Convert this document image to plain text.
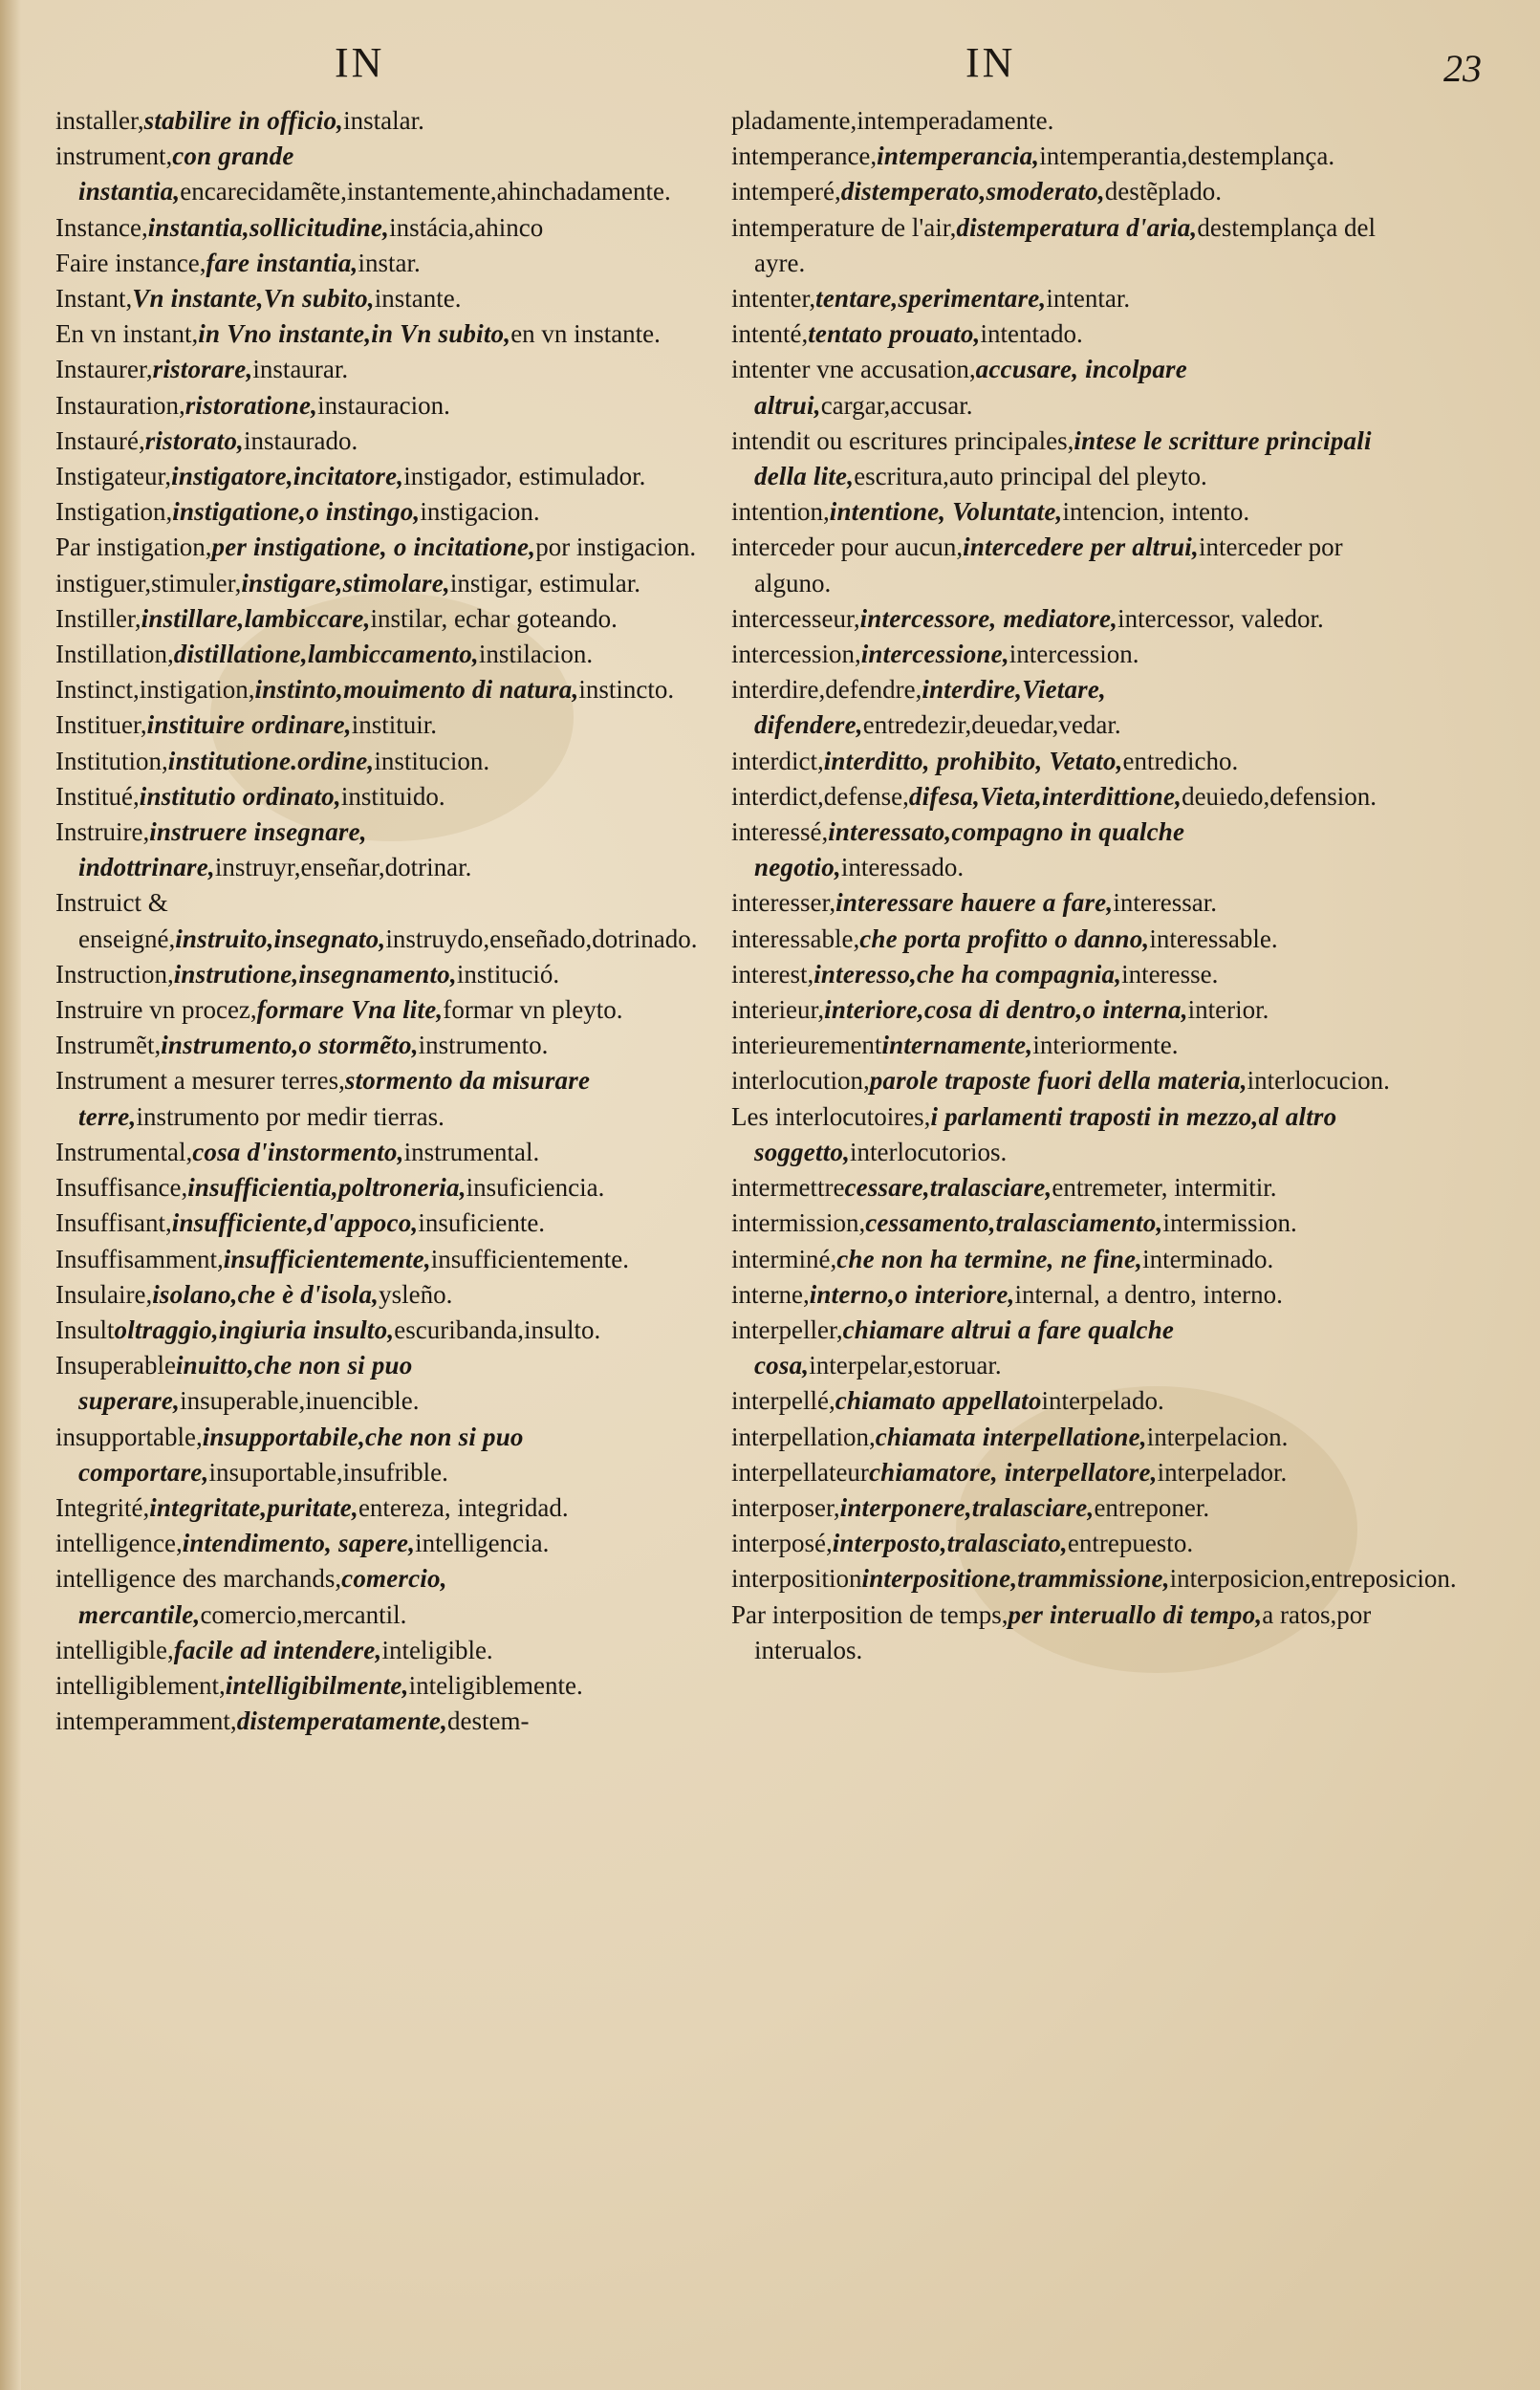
IN	IN	23
installer,stabilire in officio,instalar.
instrument,con grande instantia,encarecidamẽte,instantemente,ahinchadamente.
Instance,instantia,sollicitudine,instácia,ahinco
Faire instance,fare instantia,instar.
Instant,Vn instante,Vn subito,instante.
En vn instant,in Vno instante,in Vn subito,en vn instante.
Instaurer,ristorare,instaurar.
Instauration,ristoratione,instauracion.
Instauré,ristorato,instaurado.
Instigateur,instigatore,incitatore,instigador, estimulador.
Instigation,instigatione,o instingo,instigacion.
Par instigation,per instigatione, o incitatione,por instigacion.
instiguer,stimuler,instigare,stimolare,instigar, estimular.
Instiller,instillare,lambiccare,instilar, echar goteando.
Instillation,distillatione,lambiccamento,instilacion.
Instinct,instigation,instinto,mouimento di natura,instincto.
Instituer,instituire ordinare,instituir.
Institution,institutione.ordine,institucion.
Institué,institutio ordinato,instituido.
Instruire,instruere insegnare, indottrinare,instruyr,enseñar,dotrinar.
Instruict & enseigné,instruito,insegnato,instruydo,enseñado,dotrinado.
Instruction,instrutione,insegnamento,institució.
Instruire vn procez,formare Vna lite,formar vn pleyto.
Instrumẽt,instrumento,o stormẽto,instrumento.
Instrument a mesurer terres,stormento da misurare terre,instrumento por medir tierras.
Instrumental,cosa d'instormento,instrumental.
Insuffisance,insufficientia,poltroneria,insuficiencia.
Insuffisant,insufficiente,d'appoco,insuficiente.
Insuffisamment,insufficientemente,insufficientemente.
Insulaire,isolano,che è d'isola,ysleño.
Insultoltraggio,ingiuria insulto,escuribanda,insulto.
Insuperableinuitto,che non si puo superare,insuperable,inuencible.
insupportable,insupportabile,che non si puo comportare,insuportable,insufrible.
Integrité,integritate,puritate,entereza, integridad.
intelligence,intendimento, sapere,intelligencia.
intelligence des marchands,comercio, mercantile,comercio,mercantil.
intelligible,facile ad intendere,inteligible.
intelligiblement,intelligibilmente,inteligiblemente.
intemperamment,distemperatamente,destem-
pladamente,intemperadamente.
intemperance,intemperancia,intemperantia,destemplança.
intemperé,distemperato,smoderato,destẽplado.
intemperature de l'air,distemperatura d'aria,destemplança del ayre.
intenter,tentare,sperimentare,intentar.
intenté,tentato prouato,intentado.
intenter vne accusation,accusare, incolpare altrui,cargar,accusar.
intendit ou escritures principales,intese le scritture principali della lite,escritura,auto principal del pleyto.
intention,intentione, Voluntate,intencion, intento.
interceder pour aucun,intercedere per altrui,interceder por alguno.
intercesseur,intercessore, mediatore,intercessor, valedor.
intercession,intercessione,intercession.
interdire,defendre,interdire,Vietare, difendere,entredezir,deuedar,vedar.
interdict,interditto, prohibito, Vetato,entredicho.
interdict,defense,difesa,Vieta,interdittione,deuiedo,defension.
interessé,interessato,compagno in qualche negotio,interessado.
interesser,interessare hauere a fare,interessar.
interessable,che porta profitto o danno,interessable.
interest,interesso,che ha compagnia,interesse.
interieur,interiore,cosa di dentro,o interna,interior.
interieurementinternamente,interiormente.
interlocution,parole traposte fuori della materia,interlocucion.
Les interlocutoires,i parlamenti traposti in mezzo,al altro soggetto,interlocutorios.
intermettrecessare,tralasciare,entremeter, intermitir.
intermission,cessamento,tralasciamento,intermission.
interminé,che non ha termine, ne fine,interminado.
interne,interno,o interiore,internal, a dentro, interno.
interpeller,chiamare altrui a fare qualche cosa,interpelar,estoruar.
interpellé,chiamato appellatointerpelado.
interpellation,chiamata interpellatione,interpelacion.
interpellateurchiamatore, interpellatore,interpelador.
interposer,interponere,tralasciare,entreponer.
interposé,interposto,tralasciato,entrepuesto.
interpositioninterpositione,trammissione,interposicion,entreposicion.
Par interposition de temps,per interuallo di tempo,a ratos,por interualos.
